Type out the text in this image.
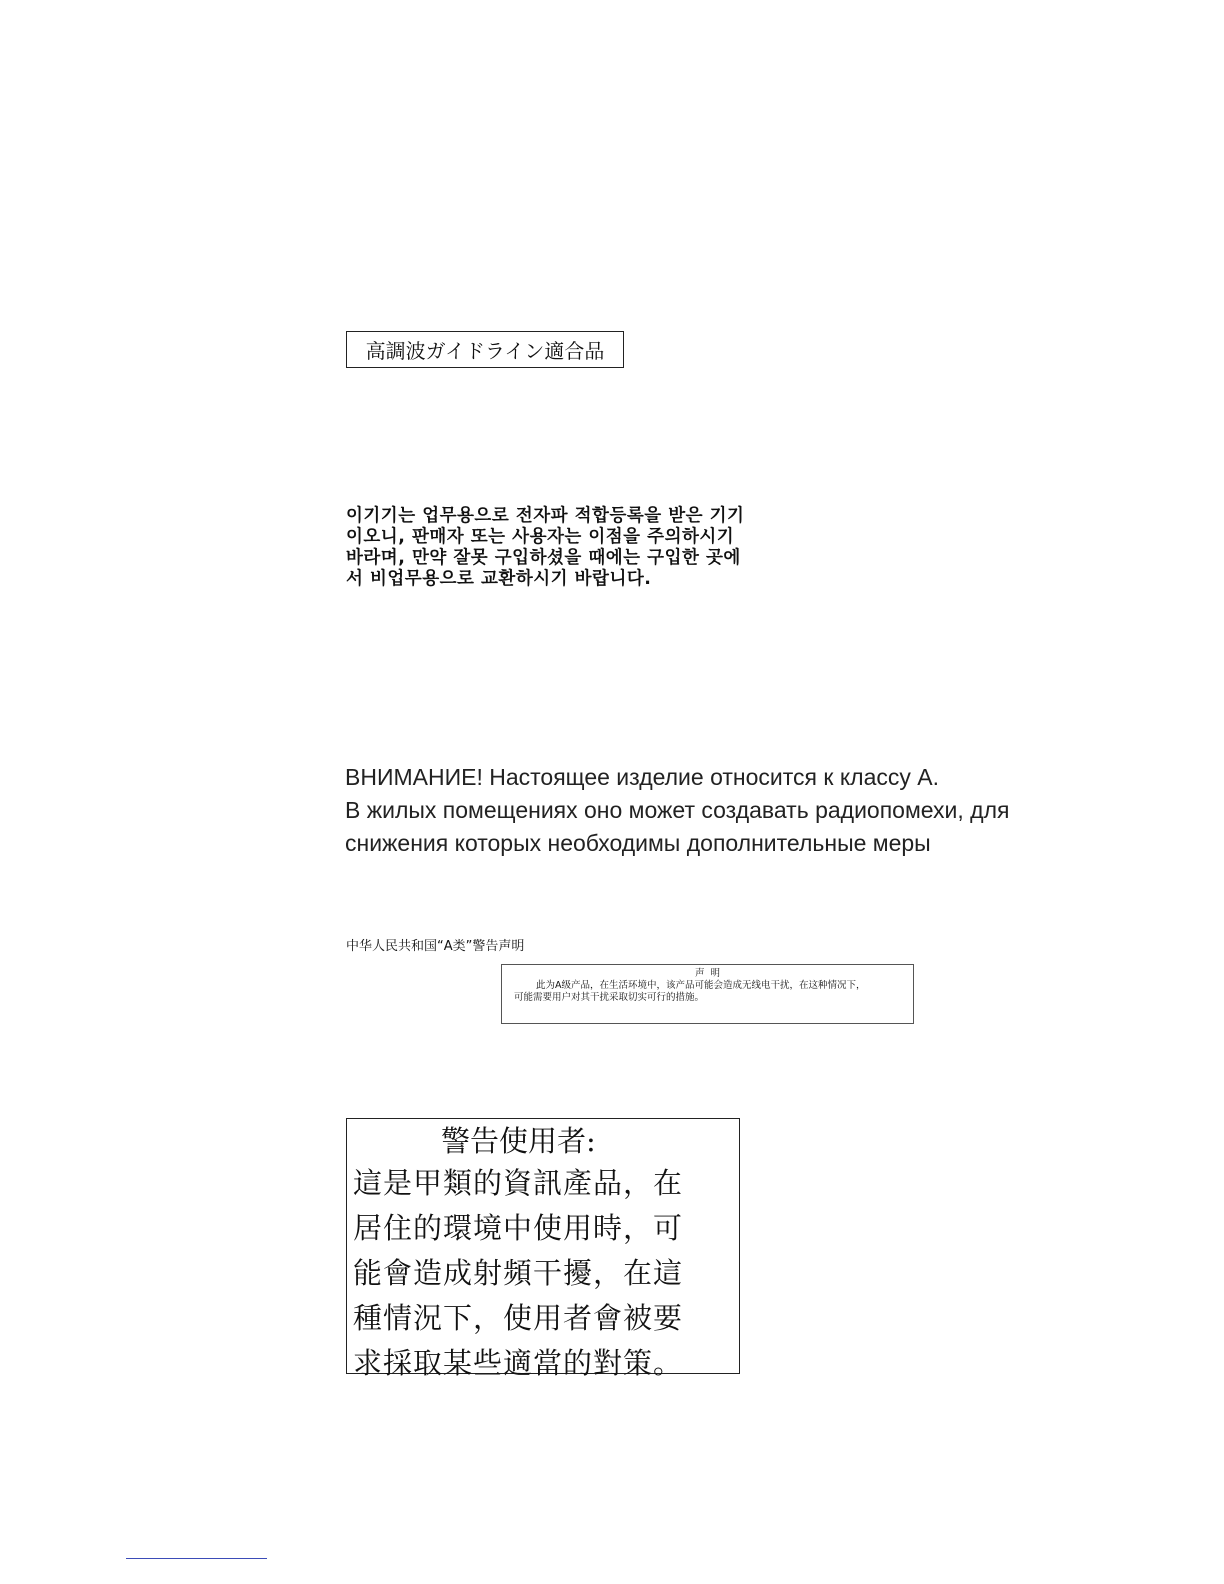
高調波ガイドライン適合品
이기기는 업무용으로 전자파 적합등록을 받은 기기
이오니, 판매자 또는 사용자는 이점을 주의하시기
바라며, 만약 잘못 구입하셨을 때에는 구입한 곳에
서 비업무용으로 교환하시기 바랍니다.
ВНИМАНИЕ! Настоящее изделие относится к классу А.
В жилых помещениях оно может создавать радиопомехи, для
снижения которых необходимы дополнительные меры
中华人民共和国“A类”警告声明
声明
此为A级产品，在生活环境中，该产品可能会造成无线电干扰，在这种情况下，
可能需要用户对其干扰采取切实可行的措施。
警告使用者:
這是甲類的資訊產品，在
居住的環境中使用時，可
能會造成射頻干擾，在這
種情況下，使用者會被要
求採取某些適當的對策。
